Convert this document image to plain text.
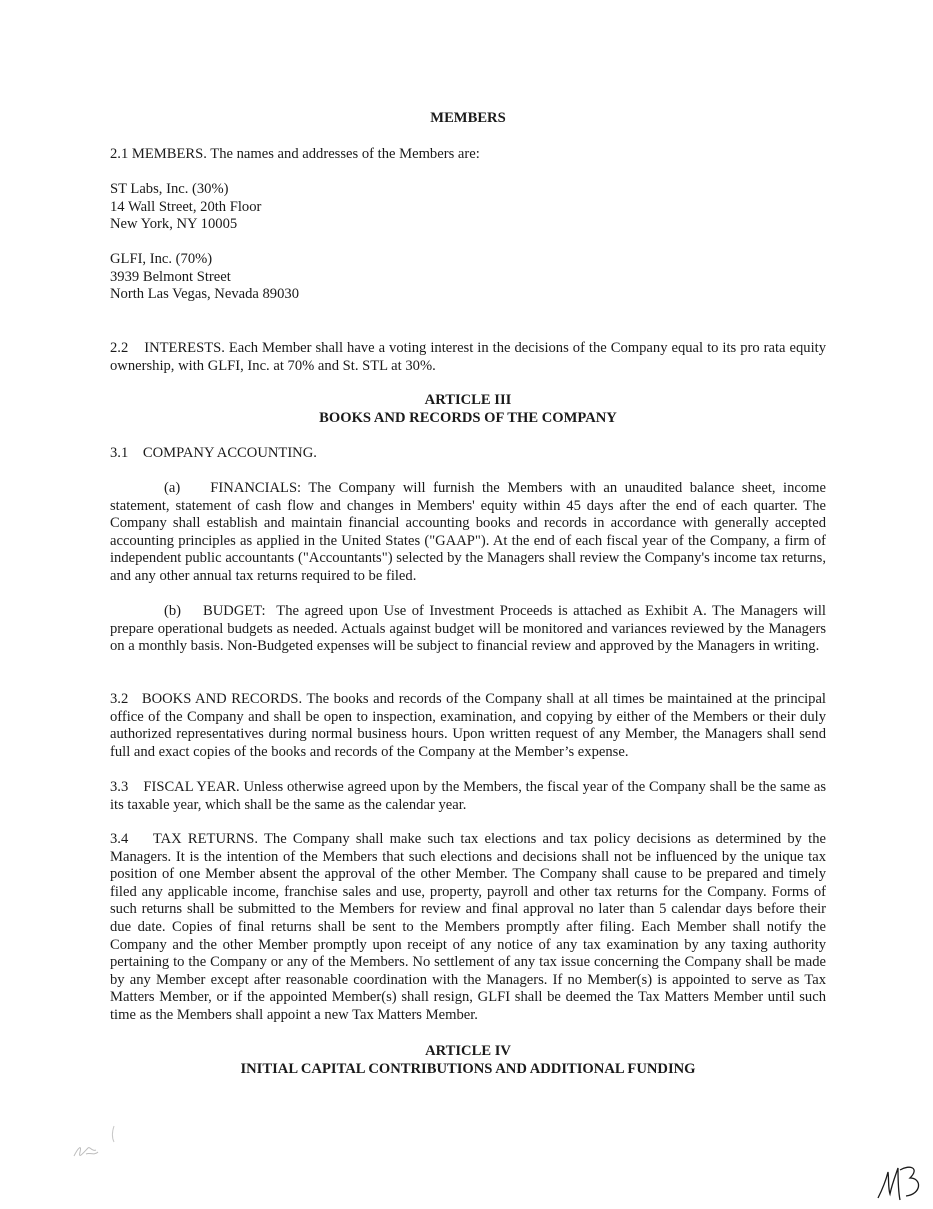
MEMBERS

2.1 MEMBERS. The names and addresses of the Members are:

ST Labs, Inc. (30%)

14 Wall Street, 20th Floor

New York, NY 10005

GLFI, Inc. (70%)

3939 Belmont Street

North Las Vegas, Nevada 89030

2.2    INTERESTS. Each Member shall have a voting interest in the decisions of the Company equal to its pro rata equity ownership, with GLFI, Inc. at 70% and St. STL at 30%.

ARTICLE III

BOOKS AND RECORDS OF THE COMPANY

3.1    COMPANY ACCOUNTING.

(a)    FINANCIALS: The Company will furnish the Members with an unaudited balance sheet, income statement, statement of cash flow and changes in Members' equity within 45 days after the end of each quarter. The Company shall establish and maintain financial accounting books and records in accordance with generally accepted accounting principles as applied in the United States ("GAAP"). At the end of each fiscal year of the Company, a firm of independent public accountants ("Accountants") selected by the Managers shall review the Company's income tax returns, and any other annual tax returns required to be filed.

(b)    BUDGET:  The agreed upon Use of Investment Proceeds is attached as Exhibit A. The Managers will prepare operational budgets as needed. Actuals against budget will be monitored and variances reviewed by the Managers on a monthly basis. Non-Budgeted expenses will be subject to financial review and approved by the Managers in writing.

3.2   BOOKS AND RECORDS. The books and records of the Company shall at all times be maintained at the principal office of the Company and shall be open to inspection, examination, and copying by either of the Members or their duly authorized representatives during normal business hours. Upon written request of any Member, the Managers shall send full and exact copies of the books and records of the Company at the Member’s expense.

3.3    FISCAL YEAR. Unless otherwise agreed upon by the Members, the fiscal year of the Company shall be the same as its taxable year, which shall be the same as the calendar year.

3.4    TAX RETURNS. The Company shall make such tax elections and tax policy decisions as determined by the Managers. It is the intention of the Members that such elections and decisions shall not be influenced by the unique tax position of one Member absent the approval of the other Member. The Company shall cause to be prepared and timely filed any applicable income, franchise sales and use, property, payroll and other tax returns for the Company. Forms of such returns shall be submitted to the Members for review and final approval no later than 5 calendar days before their due date. Copies of final returns shall be sent to the Members promptly after filing. Each Member shall notify the Company and the other Member promptly upon receipt of any notice of any tax examination by any taxing authority pertaining to the Company or any of the Members. No settlement of any tax issue concerning the Company shall be made by any Member except after reasonable coordination with the Managers. If no Member(s) is appointed to serve as Tax Matters Member, or if the appointed Member(s) shall resign, GLFI shall be deemed the Tax Matters Member until such time as the Members shall appoint a new Tax Matters Member.

ARTICLE IV

INITIAL CAPITAL CONTRIBUTIONS AND ADDITIONAL FUNDING
